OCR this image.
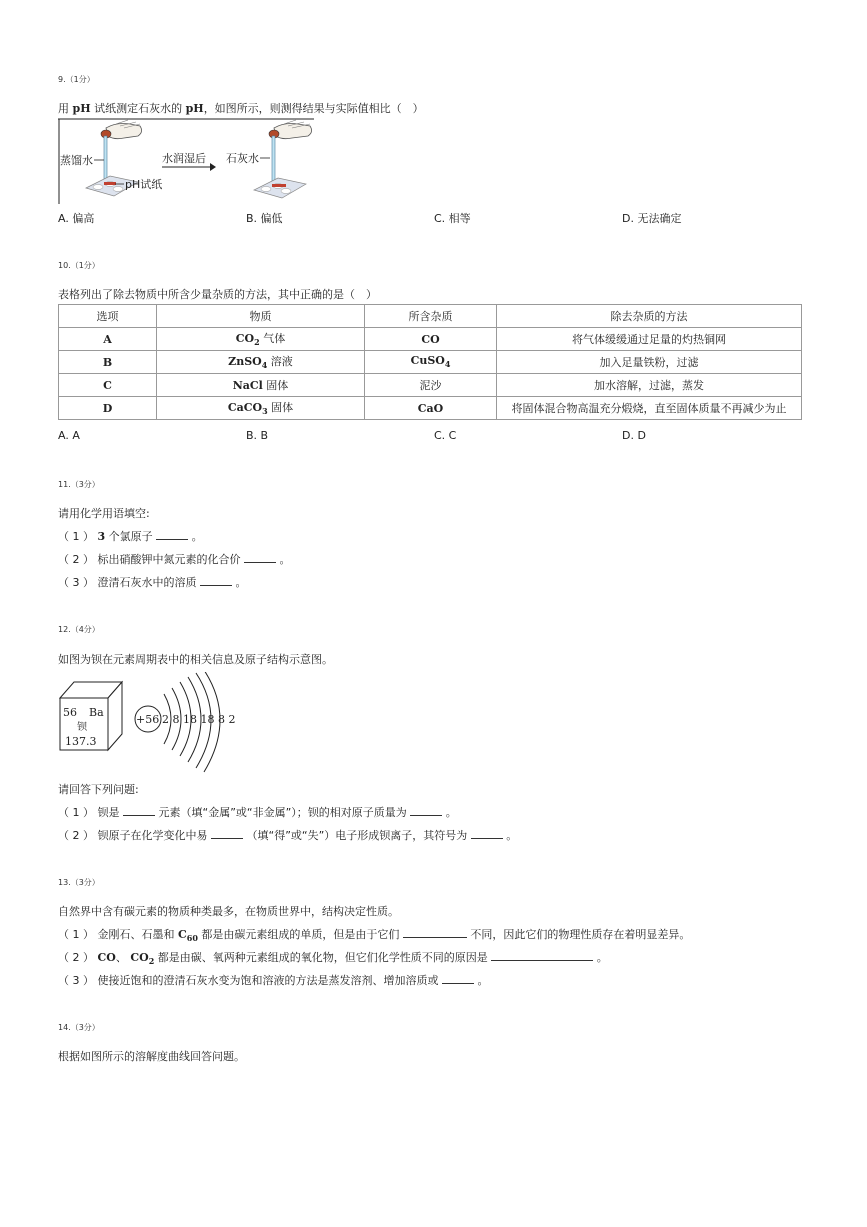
9.（1分）
用 pH 试纸测定石灰水的 pH，如图所示，则测得结果与实际值相比（　）
蒸馏水
pH试纸
水润湿后 石灰水
A. 偏高	B. 偏低	C. 相等	D. 无法确定
10.（1分）
表格列出了除去物质中所含少量杂质的方法，其中正确的是（　）
选项	物质	所含杂质	除去杂质的方法
A	$CO_2$ 气体	CO	将气体缓缓通过足量的灼热铜网
B	ZnSO$_4$ 溶液	CuSO$_4$	加入足量铁粉，过滤
C	NaCl 固体	泥沙	加水溶解，过滤，蒸发
D	CaCO$_3$ 固体	CaO	将固体混合物高温充分煅烧，直至固体质量不再减少为止
A. A	B. B	C. C	D. D
11.（3分）
请用化学用语填空:
（ 1 ） 3 个氯原子	。
（ 2 ） 标出硝酸钾中氮元素的化合价	。
（ 3 ） 澄清石灰水中的溶质	。
12.（4分）
如图为钡在元素周期表中的相关信息及原子结构示意图。
56 Ba
钡
137.3
+56 2 8 18 18 8 2
请回答下列问题:
（ 1 ） 钡是	元素（填“金属”或“非金属”）；钡的相对原子质量为	。
（ 2 ） 钡原子在化学变化中易	（填“得”或“失”）电子形成钡离子，其符号为	。
13.（3分）
自然界中含有碳元素的物质种类最多，在物质世界中，结构决定性质。
（ 1 ） 金刚石、石墨和 $C_{60}$ 都是由碳元素组成的单质，但是由于它们	不同，因此它们的物理性质存在着明显差异。
（ 2 ） CO、 $CO_2$ 都是由碳、氧两种元素组成的氧化物，但它们化学性质不同的原因是	。
（ 3 ） 使接近饱和的澄清石灰水变为饱和溶液的方法是蒸发溶剂、增加溶质或	。
14.（3分）
根据如图所示的溶解度曲线回答问题。
